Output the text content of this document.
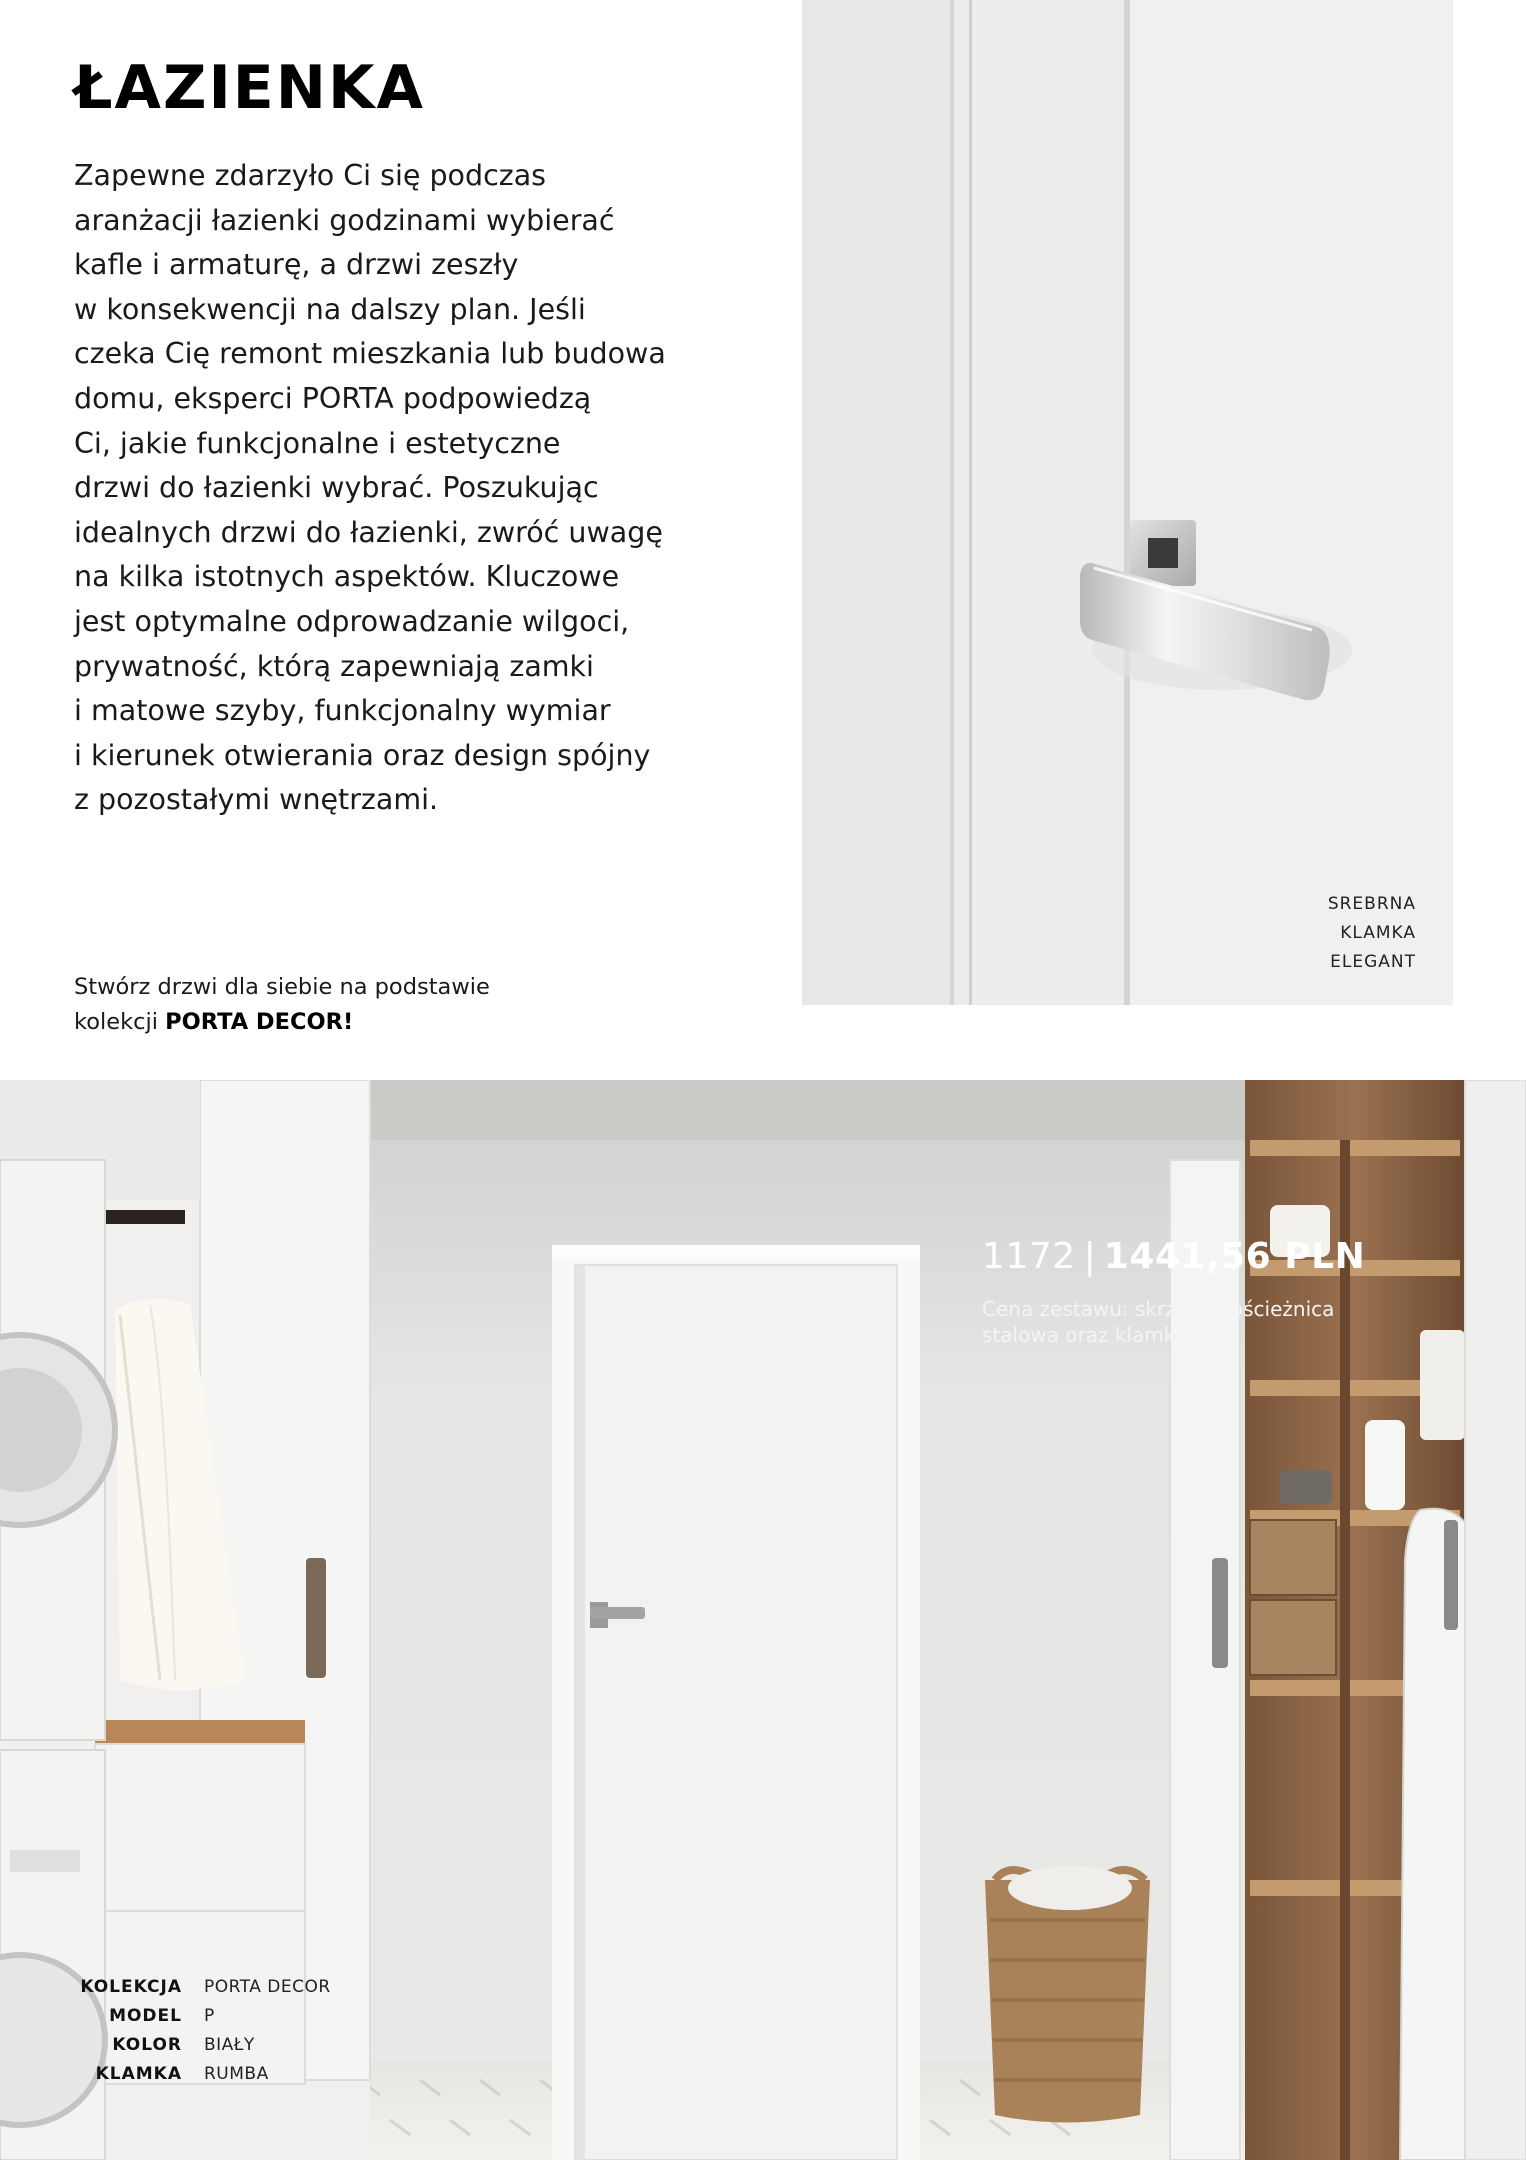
ŁAZIENKA

Zapewne zdarzyło Ci się podczas
aranżacji łazienki godzinami wybierać
kafle i armaturę, a drzwi zeszły
w konsekwencji na dalszy plan. Jeśli
czeka Cię remont mieszkania lub budowa
domu, eksperci PORTA podpowiedzą
Ci, jakie funkcjonalne i estetyczne
drzwi do łazienki wybrać. Poszukując
idealnych drzwi do łazienki, zwróć uwagę
na kilka istotnych aspektów. Kluczowe
jest optymalne odprowadzanie wilgoci,
prywatność, którą zapewniają zamki
i matowe szyby, funkcjonalny wymiar
i kierunek otwierania oraz design spójny
z pozostałymi wnętrzami.

Stwórz drzwi dla siebie na podstawie
kolekcji PORTA DECOR!
SREBRNA
KLAMKA
ELEGANT
1172 | 1441,56 PLN
Cena zestawu: skrzydło, ościeżnica stalowa oraz klamka
KOLEKCJA PORTA DECOR
MODEL P
KOLOR BIAŁY
KLAMKA RUMBA
